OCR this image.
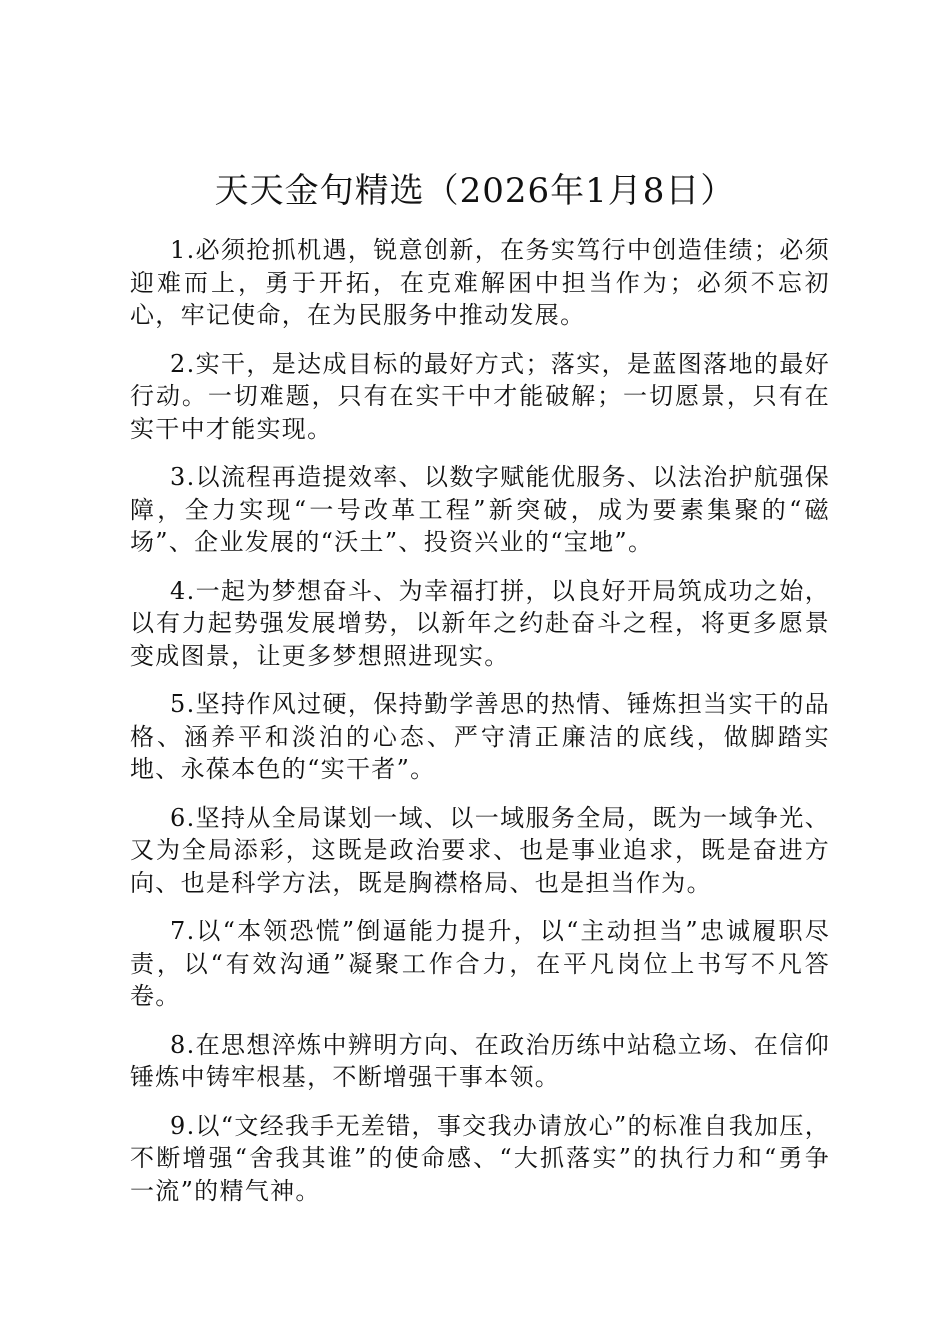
天天金句精选（2026年1月8日）

1.必须抢抓机遇，锐意创新，在务实笃行中创造佳绩；必须迎难而上，勇于开拓，在克难解困中担当作为；必须不忘初心，牢记使命，在为民服务中推动发展。

2.实干，是达成目标的最好方式；落实，是蓝图落地的最好行动。一切难题，只有在实干中才能破解；一切愿景，只有在实干中才能实现。

3.以流程再造提效率、以数字赋能优服务、以法治护航强保障，全力实现“一号改革工程”新突破，成为要素集聚的“磁场”、企业发展的“沃土”、投资兴业的“宝地”。

4.一起为梦想奋斗、为幸福打拼，以良好开局筑成功之始，以有力起势强发展增势，以新年之约赴奋斗之程，将更多愿景变成图景，让更多梦想照进现实。

5.坚持作风过硬，保持勤学善思的热情、锤炼担当实干的品格、涵养平和淡泊的心态、严守清正廉洁的底线，做脚踏实地、永葆本色的“实干者”。

6.坚持从全局谋划一域、以一域服务全局，既为一域争光、又为全局添彩，这既是政治要求、也是事业追求，既是奋进方向、也是科学方法，既是胸襟格局、也是担当作为。

7.以“本领恐慌”倒逼能力提升，以“主动担当”忠诚履职尽责，以“有效沟通”凝聚工作合力，在平凡岗位上书写不凡答卷。

8.在思想淬炼中辨明方向、在政治历练中站稳立场、在信仰锤炼中铸牢根基，不断增强干事本领。

9.以“文经我手无差错，事交我办请放心”的标准自我加压，不断增强“舍我其谁”的使命感、“大抓落实”的执行力和“勇争一流”的精气神。
